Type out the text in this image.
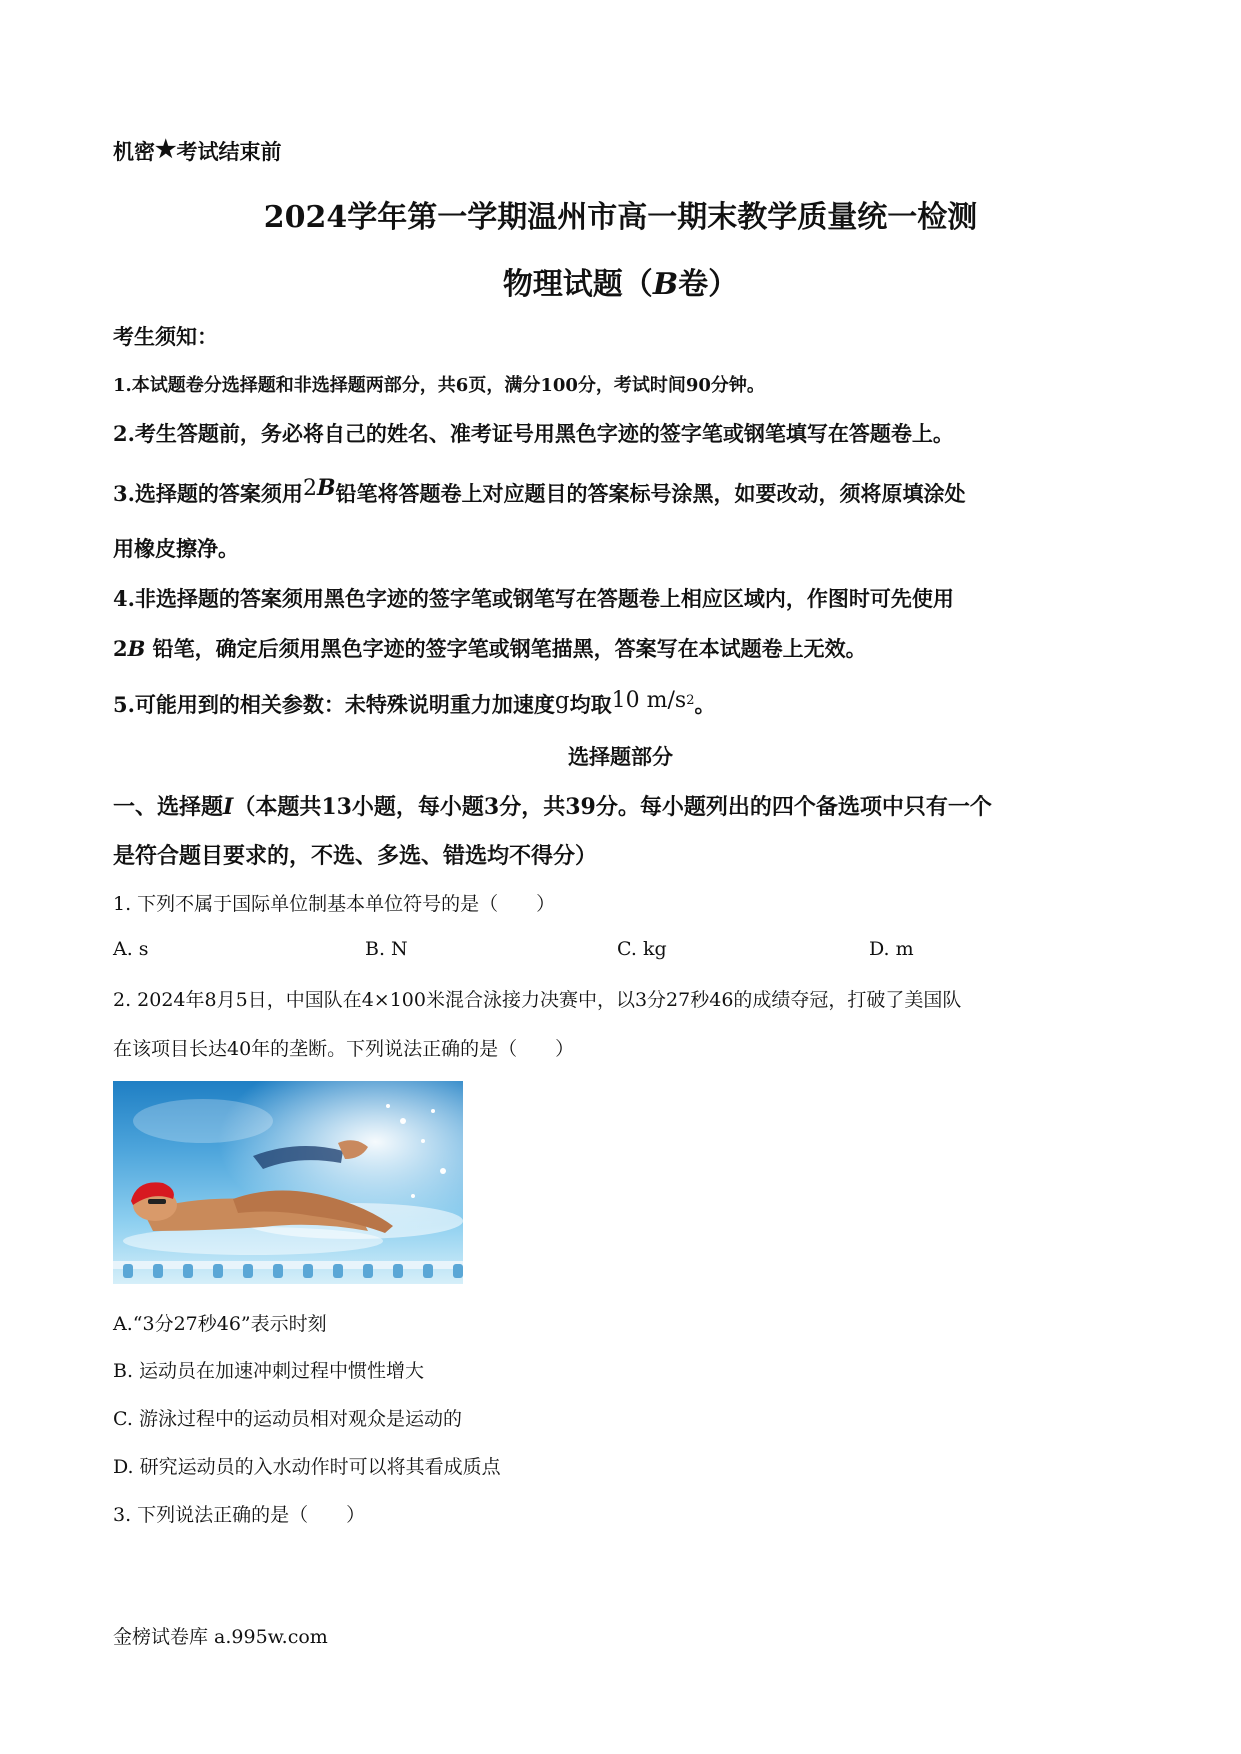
机密★考试结束前
2024学年第一学期温州市高一期末教学质量统一检测
物理试题（B卷）
考生须知：
1.本试题卷分选择题和非选择题两部分，共6页，满分100分，考试时间90分钟。
2.考生答题前，务必将自己的姓名、准考证号用黑色字迹的签字笔或钢笔填写在答题卷上。
3.选择题的答案须用2B铅笔将答题卷上对应题目的答案标号涂黑，如要改动，须将原填涂处
用橡皮擦净。
4.非选择题的答案须用黑色字迹的签字笔或钢笔写在答题卷上相应区域内，作图时可先使用
2B 铅笔，确定后须用黑色字迹的签字笔或钢笔描黑，答案写在本试题卷上无效。
5.可能用到的相关参数：未特殊说明重力加速度g均取10 $m/s^2$。
选择题部分
一、选择题I（本题共13小题，每小题3分，共39分。每小题列出的四个备选项中只有一个
是符合题目要求的，不选、多选、错选均不得分）
1. 下列不属于国际单位制基本单位符号的是（　　）
A. s	B. N	C. kg	D. m
2. 2024年8月5日，中国队在4×100米混合泳接力决赛中，以3分27秒46的成绩夺冠，打破了美国队
在该项目长达40年的垄断。下列说法正确的是（　　）
A.“3分27秒46”表示时刻
B. 运动员在加速冲刺过程中惯性增大
C. 游泳过程中的运动员相对观众是运动的
D. 研究运动员的入水动作时可以将其看成质点
3. 下列说法正确的是（　　）
金榜试卷库 a.995w.com
